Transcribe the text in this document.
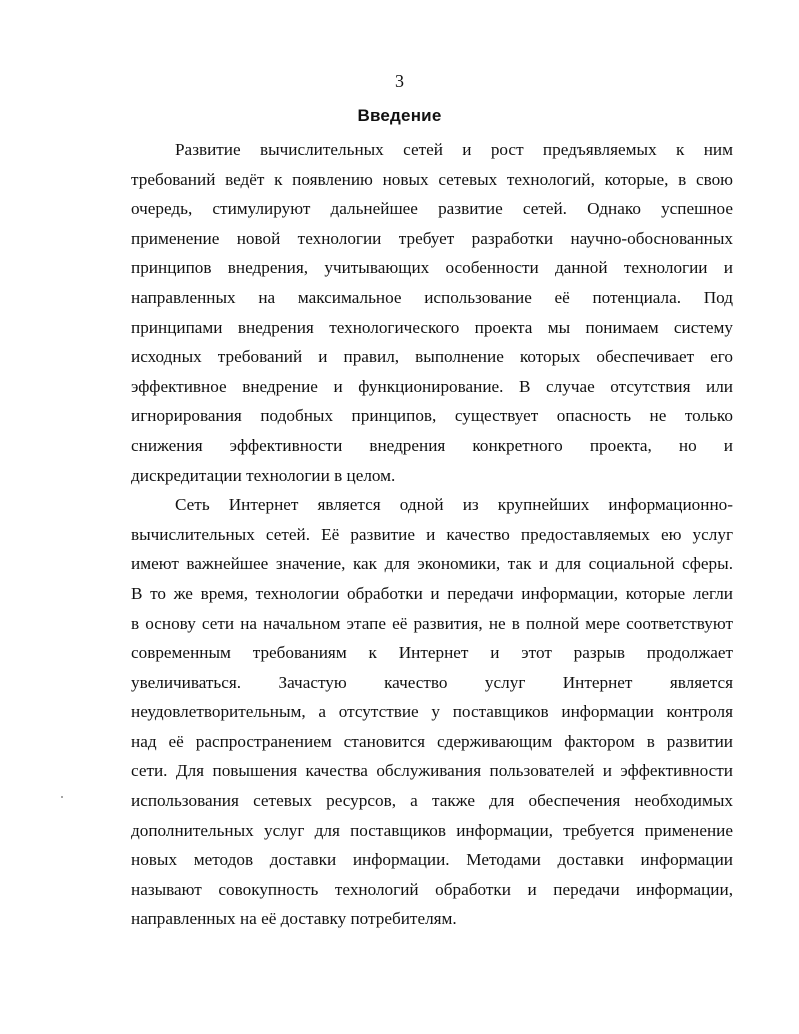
3
Введение
Развитие вычислительных сетей и рост предъявляемых к ним
требований ведёт к появлению новых сетевых технологий, которые, в свою
очередь, стимулируют дальнейшее развитие сетей. Однако успешное
применение новой технологии требует разработки научно-обоснованных
принципов внедрения, учитывающих особенности данной технологии и
направленных на максимальное использование её потенциала. Под
принципами внедрения технологического проекта мы понимаем систему
исходных требований и правил, выполнение которых обеспечивает его
эффективное внедрение и функционирование. В случае отсутствия или
игнорирования подобных принципов, существует опасность не только
снижения эффективности внедрения конкретного проекта, но и
дискредитации технологии в целом.
Сеть Интернет является одной из крупнейших информационно-
вычислительных сетей. Её развитие и качество предоставляемых ею услуг
имеют важнейшее значение, как для экономики, так и для социальной сферы.
В то же время, технологии обработки и передачи информации, которые легли
в основу сети на начальном этапе её развития, не в полной мере соответствуют
современным требованиям к Интернет и этот разрыв продолжает
увеличиваться. Зачастую качество услуг Интернет является
неудовлетворительным, а отсутствие у поставщиков информации контроля
над её распространением становится сдерживающим фактором в развитии
сети. Для повышения качества обслуживания пользователей и эффективности
использования сетевых ресурсов, а также для обеспечения необходимых
дополнительных услуг для поставщиков информации, требуется применение
новых методов доставки информации. Методами доставки информации
называют совокупность технологий обработки и передачи информации,
направленных на её доставку потребителям.
